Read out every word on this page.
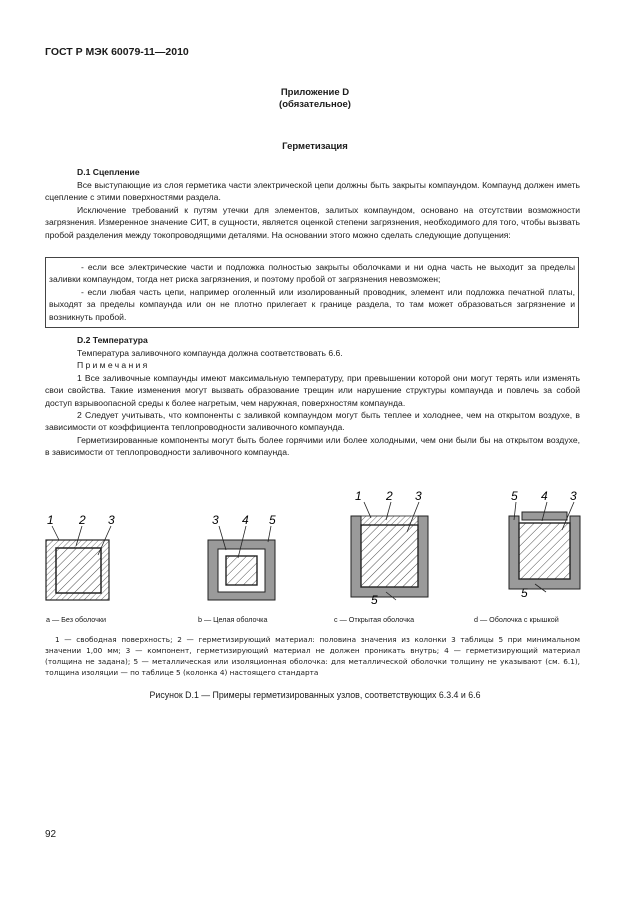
ГОСТ Р МЭК 60079-11—2010
Приложение D
(обязательное)
Герметизация
D.1 Сцепление

Все выступающие из слоя герметика части электрической цепи должны быть закрыты компаундом. Компаунд должен иметь сцепление с этими поверхностями раздела.

Исключение требований к путям утечки для элементов, залитых компаундом, основано на отсутствии возможности загрязнения. Измеренное значение СИТ, в сущности, является оценкой степени загрязнения, необходимого для того, чтобы вызвать пробой разделения между токопроводящими деталями. На основании этого можно сделать следующие допущения:

- если все электрические части и подложка полностью закрыты оболочками и ни одна часть не выходит за пределы заливки компаундом, тогда нет риска загрязнения, и поэтому пробой от загрязнения невозможен;

- если любая часть цепи, например оголенный или изолированный проводник, элемент или подложка печатной платы, выходят за пределы компаунда или он не плотно прилегает к границе раздела, то там может образоваться загрязнение и возникнуть пробой.

D.2 Температура

Температура заливочного компаунда должна соответствовать 6.6.

Примечания

1 Все заливочные компаунды имеют максимальную температуру, при превышении которой они могут терять или изменять свои свойства. Такие изменения могут вызвать образование трещин или нарушение структуры компаунда и повлечь за собой доступ взрывоопасной среды к более нагретым, чем наружная, поверхностям компаунда.

2 Следует учитывать, что компоненты с заливкой компаундом могут быть теплее и холоднее, чем на открытом воздухе, в зависимости от коэффициента теплопроводности заливочного компаунда.

Герметизированные компоненты могут быть более горячими или более холодными, чем они были бы на открытом воздухе, в зависимости от теплопроводности заливочного компаунда.

1 2 3	3 4 5
1 2 3
5
5 4 3
5
а — Без оболочки	b — Целая оболочка	с — Открытая оболочка	d — Оболочка с крышкой

1 — свободная поверхность; 2 — герметизирующий материал: половина значения из колонки 3 таблицы 5 при минимальном значении 1,00 мм; 3 — компонент, герметизирующий материал не должен проникать внутрь; 4 — герметизирующий материал (толщина не задана); 5 — металлическая или изоляционная оболочка: для металлической оболочки толщину не указывают (см. 6.1), толщина изоляции — по таблице 5 (колонка 4) настоящего стандарта

Рисунок D.1 — Примеры герметизированных узлов, соответствующих 6.3.4 и 6.6
92
